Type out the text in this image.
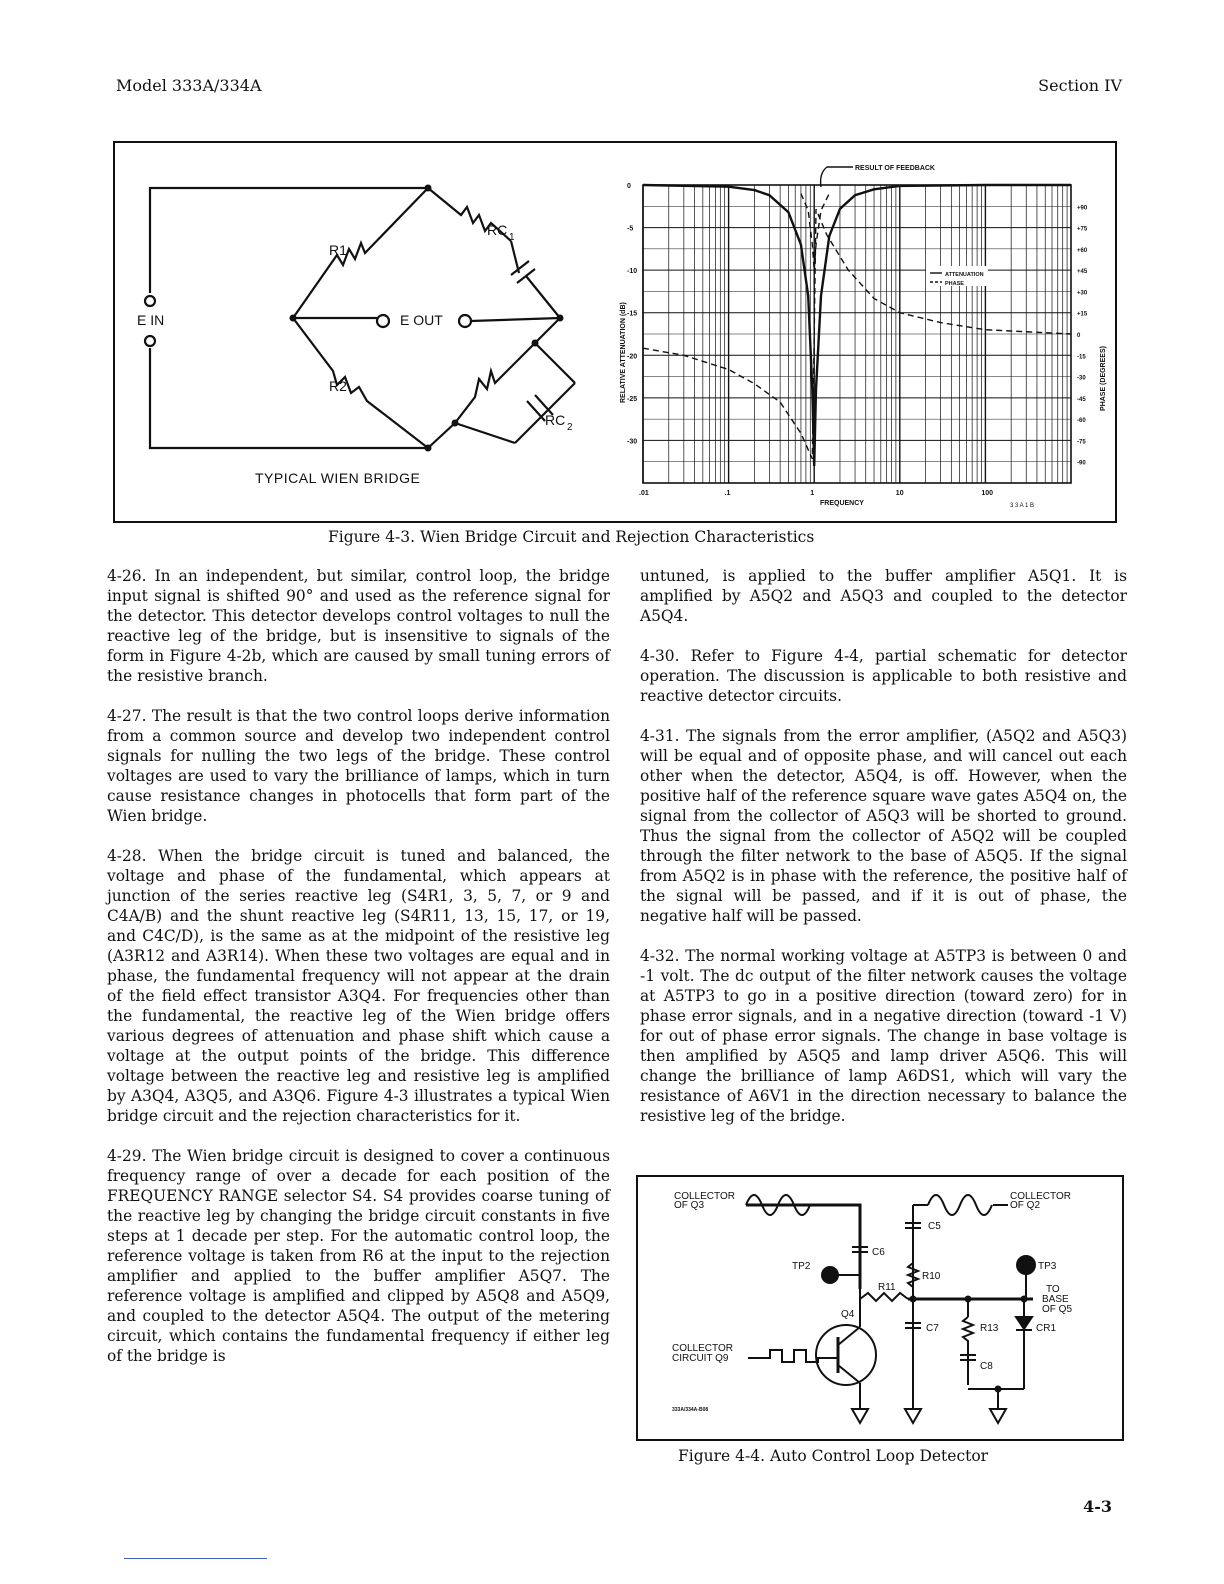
Model 333A/334A	Section IV
E IN	E OUT
R1
R2
RC 1
RC 2
TYPICAL WIEN BRIDGE
.01	.1	1	10	100
0
-5
-10
-15
-20
-25
-30
+90
+75
+60
+45
+30
+15
0
-15
-30
-45
-60
-75
-90
ATTENUATION
PHASE
RESULT OF FEEDBACK
FREQUENCY
RELATIVE ATTENUATION (dB)	PHASE (DEGREES)
3 3 A 1 B
Figure 4-3. Wien Bridge Circuit and Rejection Characteristics

4-26. In an independent, but similar, control loop, the bridge input signal is shifted 90° and used as the reference signal for the detector. This detector develops control voltages to null the reactive leg of the bridge, but is insensitive to signals of the form in Figure 4-2b, which are caused by small tuning errors of the resistive branch.

4-27. The result is that the two control loops derive information from a common source and develop two independent control signals for nulling the two legs of the bridge. These control voltages are used to vary the brilliance of lamps, which in turn cause resistance changes in photocells that form part of the Wien bridge.

4-28. When the bridge circuit is tuned and balanced, the voltage and phase of the fundamental, which appears at junction of the series reactive leg (S4R1, 3, 5, 7, or 9 and C4A/B) and the shunt reactive leg (S4R11, 13, 15, 17, or 19, and C4C/D), is the same as at the midpoint of the resistive leg (A3R12 and A3R14). When these two voltages are equal and in phase, the fundamental frequency will not appear at the drain of the field effect transistor A3Q4. For frequencies other than the fundamental, the reactive leg of the Wien bridge offers various degrees of attenuation and phase shift which cause a voltage at the output points of the bridge. This difference voltage between the reactive leg and resistive leg is amplified by A3Q4, A3Q5, and A3Q6. Figure 4-3 illustrates a typical Wien bridge circuit and the rejection characteristics for it.

4-29. The Wien bridge circuit is designed to cover a continuous frequency range of over a decade for each position of the FREQUENCY RANGE selector S4. S4 provides coarse tuning of the reactive leg by changing the bridge circuit constants in five steps at 1 decade per step. For the automatic control loop, the reference voltage is taken from R6 at the input to the rejection amplifier and applied to the buffer amplifier A5Q7. The reference voltage is amplified and clipped by A5Q8 and A5Q9, and coupled to the detector A5Q4. The output of the metering circuit, which contains the fundamental frequency if either leg of the bridge is

untuned, is applied to the buffer amplifier A5Q1. It is amplified by A5Q2 and A5Q3 and coupled to the detector A5Q4.

4-30. Refer to Figure 4-4, partial schematic for detector operation. The discussion is applicable to both resistive and reactive detector circuits.

4-31. The signals from the error amplifier, (A5Q2 and A5Q3) will be equal and of opposite phase, and will cancel out each other when the detector, A5Q4, is off. However, when the positive half of the reference square wave gates A5Q4 on, the signal from the collector of A5Q3 will be shorted to ground. Thus the signal from the collector of A5Q2 will be coupled through the filter network to the base of A5Q5. If the signal from A5Q2 is in phase with the reference, the positive half of the signal will be passed, and if it is out of phase, the negative half will be passed.

4-32. The normal working voltage at A5TP3 is between 0 and -1 volt. The dc output of the filter network causes the voltage at A5TP3 to go in a positive direction (toward zero) for in phase error signals, and in a negative direction (toward -1 V) for out of phase error signals. The change in base voltage is then amplified by A5Q5 and lamp driver A5Q6. This will change the brilliance of lamp A6DS1, which will vary the resistance of A6V1 in the direction necessary to balance the resistive leg of the bridge.

COLLECTOR
OF Q3
COLLECTOR
OF Q2
C5
C6
TP2	TP3
R10
R11
Q4
C7	R13	CR1
C8
TO
BASE
OF Q5
COLLECTOR
CIRCUIT Q9
333A/334A-B08
Figure 4-4. Auto Control Loop Detector
4-3
